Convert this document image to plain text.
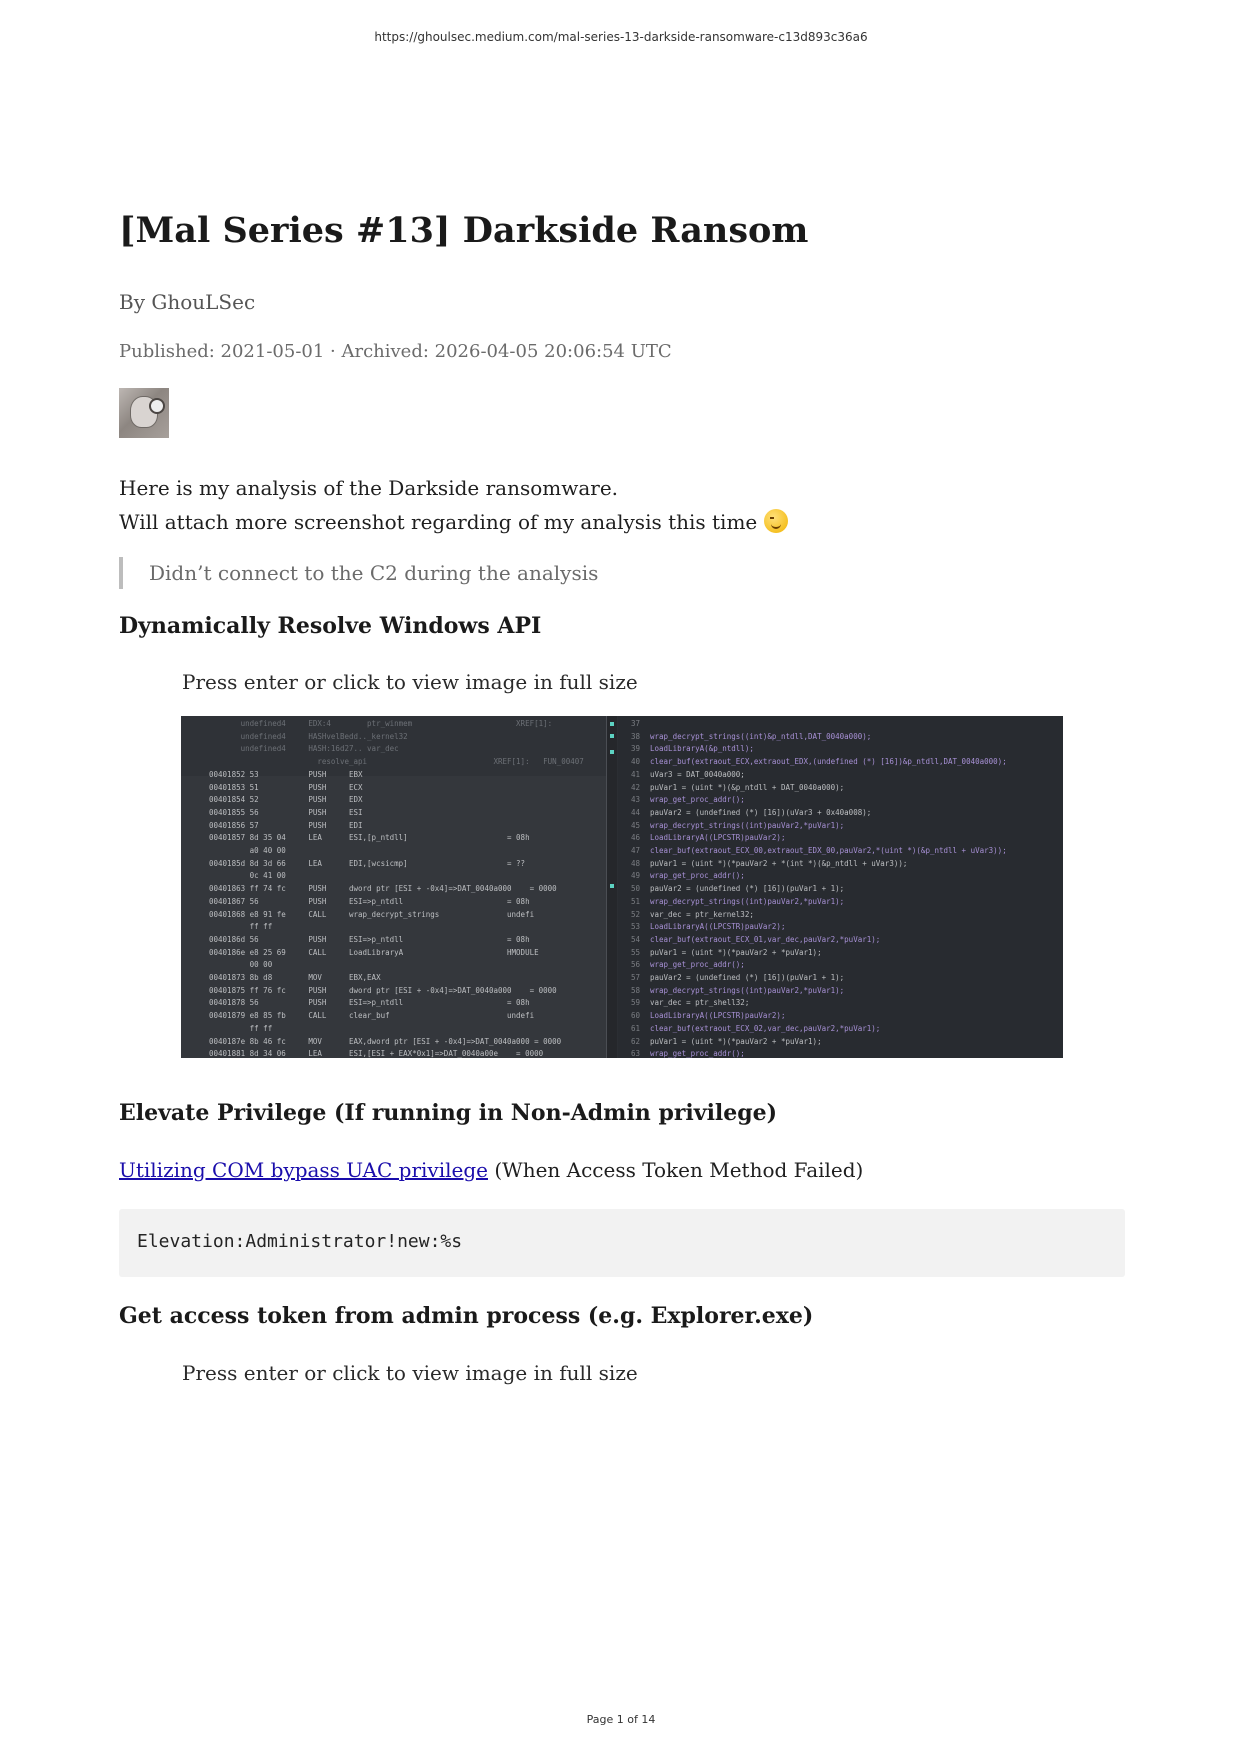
https://ghoulsec.medium.com/mal-series-13-darkside-ransomware-c13d893c36a6
[Mal Series #13] Darkside Ransom
By GhouLSec
Published: 2021-05-01 · Archived: 2026-04-05 20:06:54 UTC
Here is my analysis of the Darkside ransomware.
Will attach more screenshot regarding of my analysis this time
Didn’t connect to the C2 during the analysis
Dynamically Resolve Windows API
Press enter or click to view image in full size
undefined4     EDX:4        ptr_winmem                       XREF[1]:
undefined4     HASHvelBedd.._kernel32
undefined4     HASH:16d27.. var_dec
resolve_api                            XREF[1]:   FUN_00407
00401852 53           PUSH     EBX
00401853 51           PUSH     ECX
00401854 52           PUSH     EDX
00401855 56           PUSH     ESI
00401856 57           PUSH     EDI
00401857 8d 35 04     LEA      ESI,[p_ntdll]                      = 08h
a0 40 00
0040185d 8d 3d 66     LEA      EDI,[wcsicmp]                      = ??
0c 41 00
00401863 ff 74 fc     PUSH     dword ptr [ESI + -0x4]=>DAT_0040a000    = 0000
00401867 56           PUSH     ESI=>p_ntdll                       = 08h
00401868 e8 91 fe     CALL     wrap_decrypt_strings               undefi
ff ff
0040186d 56           PUSH     ESI=>p_ntdll                       = 08h
0040186e e8 25 69     CALL     LoadLibraryA                       HMODULE
00 00
00401873 8b d8        MOV      EBX,EAX
00401875 ff 76 fc     PUSH     dword ptr [ESI + -0x4]=>DAT_0040a000    = 0000
00401878 56           PUSH     ESI=>p_ntdll                       = 08h
00401879 e8 85 fb     CALL     clear_buf                          undefi
ff ff
0040187e 8b 46 fc     MOV      EAX,dword ptr [ESI + -0x4]=>DAT_0040a000 = 0000
00401881 8d 34 06     LEA      ESI,[ESI + EAX*0x1]=>DAT_0040a00e    = 0000
37
38
39
40
41
42
43
44
45
46
47
48
49
50
51
52
53
54
55
56
57
58
59
60
61
62
63

wrap_decrypt_strings((int)&p_ntdll,DAT_0040a000);
LoadLibraryA(&p_ntdll);
clear_buf(extraout_ECX,extraout_EDX,(undefined (*) [16])&p_ntdll,DAT_0040a000);
uVar3 = DAT_0040a000;
puVar1 = (uint *)(&p_ntdll + DAT_0040a000);
wrap_get_proc_addr();
pauVar2 = (undefined (*) [16])(uVar3 + 0x40a008);
wrap_decrypt_strings((int)pauVar2,*puVar1);
LoadLibraryA((LPCSTR)pauVar2);
clear_buf(extraout_ECX_00,extraout_EDX_00,pauVar2,*(uint *)(&p_ntdll + uVar3));
puVar1 = (uint *)(*pauVar2 + *(int *)(&p_ntdll + uVar3));
wrap_get_proc_addr();
pauVar2 = (undefined (*) [16])(puVar1 + 1);
wrap_decrypt_strings((int)pauVar2,*puVar1);
var_dec = ptr_kernel32;
LoadLibraryA((LPCSTR)pauVar2);
clear_buf(extraout_ECX_01,var_dec,pauVar2,*puVar1);
puVar1 = (uint *)(*pauVar2 + *puVar1);
wrap_get_proc_addr();
pauVar2 = (undefined (*) [16])(puVar1 + 1);
wrap_decrypt_strings((int)pauVar2,*puVar1);
var_dec = ptr_shell32;
LoadLibraryA((LPCSTR)pauVar2);
clear_buf(extraout_ECX_02,var_dec,pauVar2,*puVar1);
puVar1 = (uint *)(*pauVar2 + *puVar1);
wrap_get_proc_addr();
Elevate Privilege (If running in Non-Admin privilege)
Utilizing COM bypass UAC privilege (When Access Token Method Failed)
Elevation:Administrator!new:%s
Get access token from admin process (e.g. Explorer.exe)
Press enter or click to view image in full size
Page 1 of 14
